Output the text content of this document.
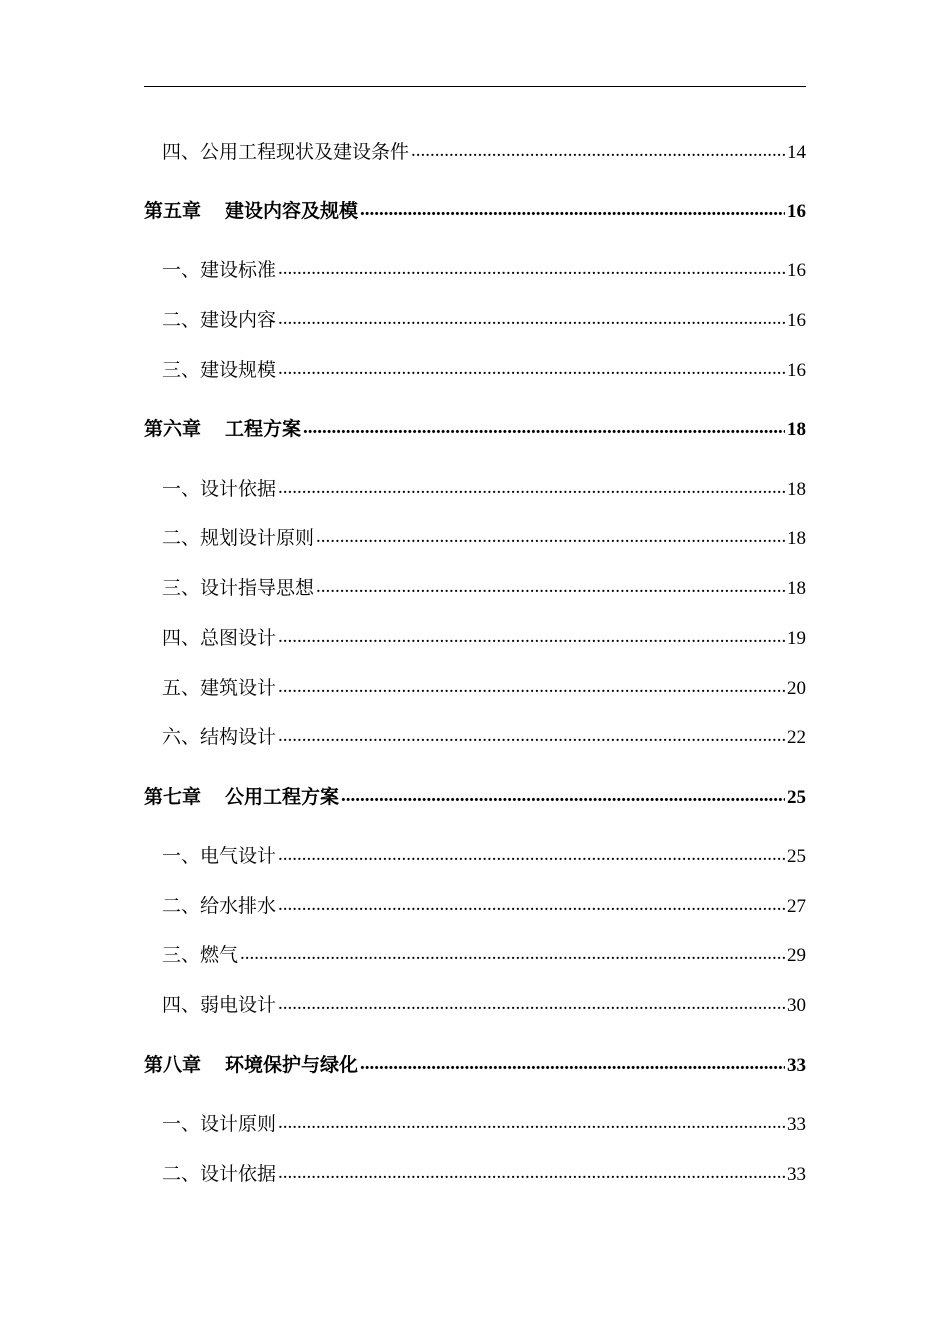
四、公用工程现状及建设条件 .....	14
第五章 建设内容及规模 .....	16
一、建设标准 .....	16
二、建设内容 .....	16
三、建设规模 .....	16
第六章 工程方案 .....	18
一、设计依据 .....	18
二、规划设计原则 .....	18
三、设计指导思想 .....	18
四、总图设计 .....	19
五、建筑设计 .....	20
六、结构设计 .....	22
第七章 公用工程方案 .....	25
一、电气设计 .....	25
二、给水排水 .....	27
三、燃气 .....	29
四、弱电设计 .....	30
第八章 环境保护与绿化 .....	33
一、设计原则 .....	33
二、设计依据 .....	33
